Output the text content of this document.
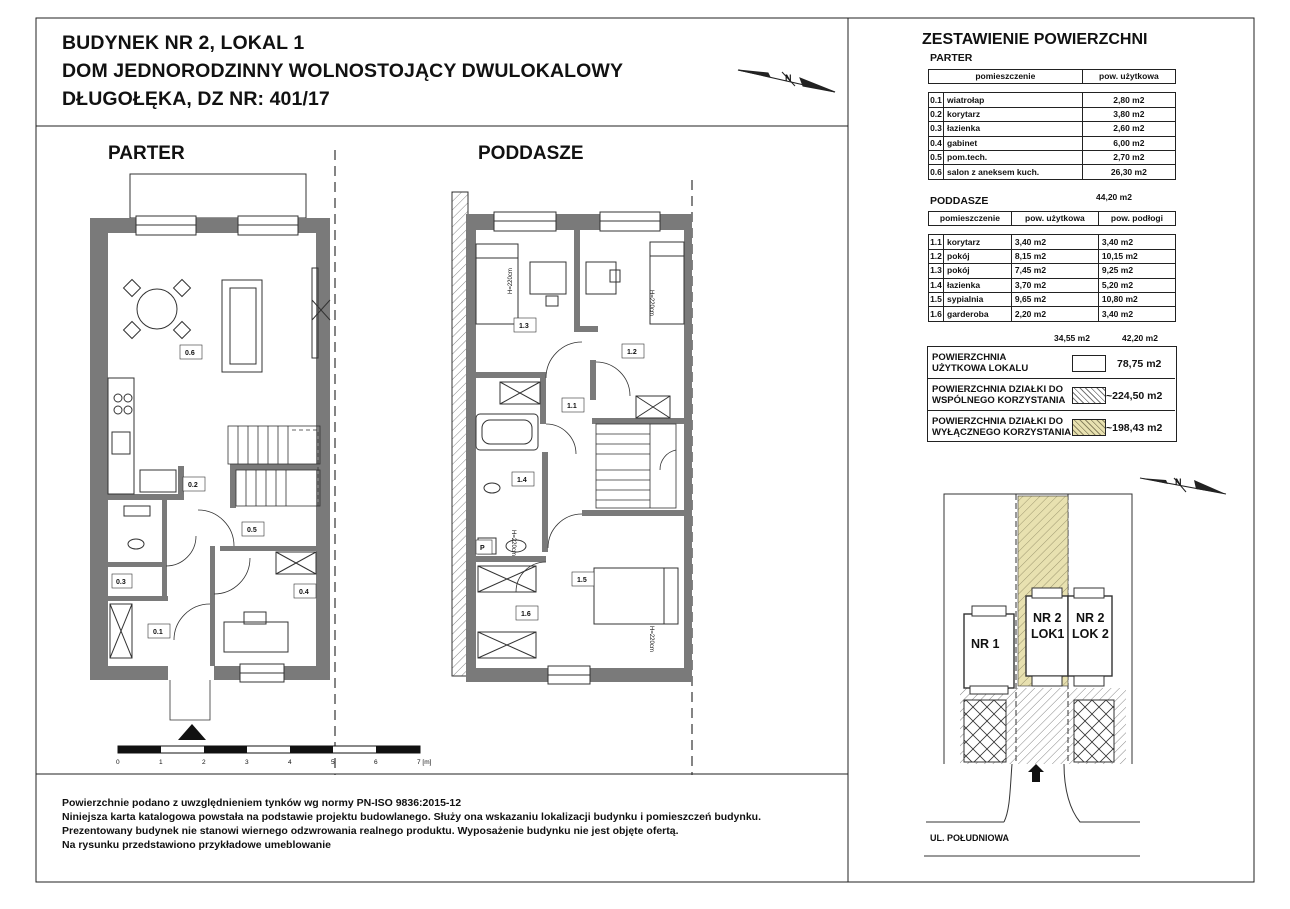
0.6
0.2
0.5
0.3
0.4
0.1
1.3
1.2
1.1
1.4
P
1.5
1.6
H=220cm
H=220cm
H=220cm
H=220cm
0	1	2	3	4	5	6	7 [m]
BUDYNEK NR 2, LOKAL 1
DOM JEDNORODZINNY WOLNOSTOJĄCY DWULOKALOWY
DŁUGOŁĘKA, DZ NR: 401/17
N
PARTER	PODDASZE
Powierzchnie podano z uwzględnieniem tynków wg normy PN-ISO 9836:2015-12
Niniejsza karta katalogowa powstała na podstawie projektu budowlanego. Służy ona wskazaniu lokalizacji budynku i pomieszczeń budynku.
Prezentowany budynek nie stanowi wiernego odzwrowania realnego produktu. Wyposażenie budynku nie jest objęte ofertą.
Na rysunku przedstawiono przykładowe umeblowanie
ZESTAWIENIE POWIERZCHNI
PARTER
pomieszczenie		pow. użytkowa

0.1	wiatrołap	2,80 m2
0.2	korytarz	3,80 m2
0.3	łazienka	2,60 m2
0.4	gabinet	6,00 m2
0.5	pom.tech.	2,70 m2
0.6	salon z aneksem kuch.	26,30 m2
44,20 m2
PODDASZE
pomieszczenie		pow. użytkowa	pow. podłogi

1.1	korytarz	3,40 m2	3,40 m2
1.2	pokój	8,15 m2	10,15 m2
1.3	pokój	7,45 m2	9,25 m2
1.4	łazienka	3,70 m2	5,20 m2
1.5	sypialnia	9,65 m2	10,80 m2
1.6	garderoba	2,20 m2	3,40 m2
34,55 m2	42,20 m2
POWIERZCHNIA
UŻYTKOWA LOKALU	78,75 m2
POWIERZCHNIA DZIAŁKI DO
WSPÓLNEGO KORZYSTANIA	~224,50 m2
POWIERZCHNIA DZIAŁKI DO
WYŁĄCZNEGO KORZYSTANIA	~198,43 m2
N
NR 1
NR 2
LOK1
NR 2
LOK 2
UL. POŁUDNIOWA
